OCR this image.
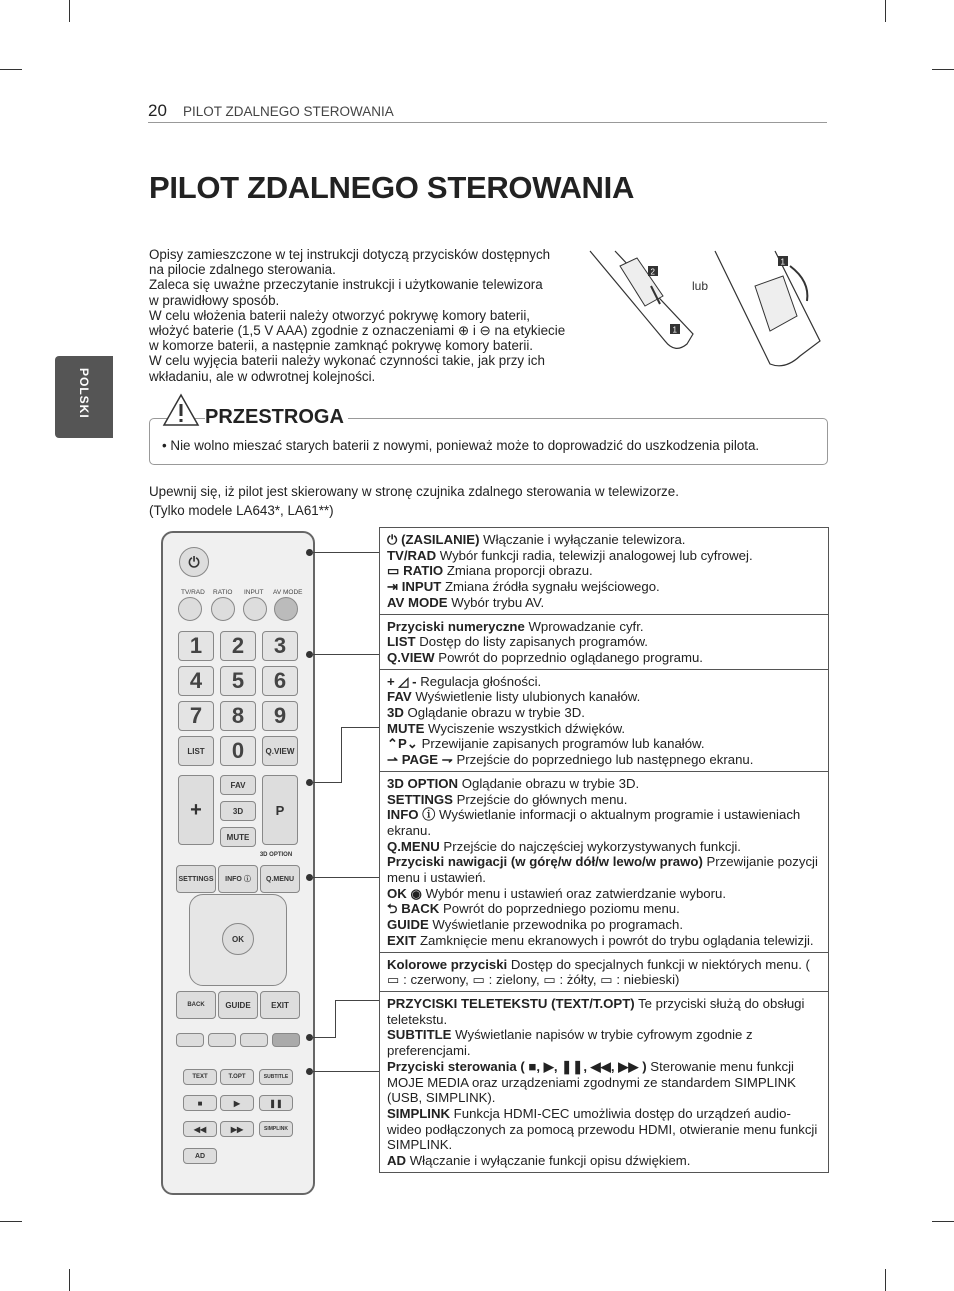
20 PILOT ZDALNEGO STEROWANIA
PILOT ZDALNEGO STEROWANIA
POLSKI
Opisy zamieszczone w tej instrukcji dotyczą przycisków dostępnych
na pilocie zdalnego sterowania.
Zaleca się uważne przeczytanie instrukcji i użytkowanie telewizora
w prawidłowy sposób.
W celu włożenia baterii należy otworzyć pokrywę komory baterii,
włożyć baterie (1,5 V AAA) zgodnie z oznaczeniami ⊕ i ⊖ na etykiecie
w komorze baterii, a następnie zamknąć pokrywę komory baterii.
W celu wyjęcia baterii należy wykonać czynności takie, jak przy ich
wkładaniu, ale w odwrotnej kolejności.
2
1
lub
1
PRZESTROGA
• Nie wolno mieszać starych baterii z nowymi, ponieważ może to doprowadzić do uszkodzenia pilota.
Upewnij się, iż pilot jest skierowany w stronę czujnika zdalnego sterowania w telewizorze.
(Tylko modele LA643*, LA61**)
⏻
TV/RAD RATIO INPUT AV MODE
1	2	3
4	5	6
7	8	9
LIST	0	Q.VIEW
+
FAV
3D
MUTE
P
3D OPTION
SETTINGS	INFO ⓘ	Q.MENU
OK
BACK	GUIDE	EXIT
TEXT	T.OPT	SUBTITLE
■	▶	❚❚
◀◀	▶▶	SIMPLINK
AD
⏻ (ZASILANIE) Włączanie i wyłączanie telewizora.
TV/RAD Wybór funkcji radia, telewizji analogowej lub cyfrowej.
▭ RATIO Zmiana proporcji obrazu.
⇥ INPUT Zmiana źródła sygnału wejściowego.
AV MODE Wybór trybu AV.
Przyciski numeryczne Wprowadzanie cyfr.
LIST Dostęp do listy zapisanych programów.
Q.VIEW Powrót do poprzednio oglądanego programu.
+ ◿ - Regulacja głośności.
FAV Wyświetlenie listy ulubionych kanałów.
3D Oglądanie obrazu w trybie 3D.
MUTE Wyciszenie wszystkich dźwięków.
⌃P⌄ Przewijanie zapisanych programów lub kanałów.
⇀ PAGE ⇁ Przejście do poprzedniego lub następnego ekranu.
3D OPTION Oglądanie obrazu w trybie 3D.
SETTINGS Przejście do głównych menu.
INFO ⓘ Wyświetlanie informacji o aktualnym programie i ustawieniach ekranu.
Q.MENU Przejście do najczęściej wykorzystywanych funkcji.
Przyciski nawigacji (w górę/w dół/w lewo/w prawo) Przewijanie pozycji menu i ustawień.
OK ◉ Wybór menu i ustawień oraz zatwierdzanie wyboru.
⮌ BACK Powrót do poprzedniego poziomu menu.
GUIDE Wyświetlanie przewodnika po programach.
EXIT Zamknięcie menu ekranowych i powrót do trybu oglądania telewizji.
Kolorowe przyciski Dostęp do specjalnych funkcji w niektórych menu. ( ▭ : czerwony, ▭ : zielony, ▭ : żółty, ▭ : niebieski)
PRZYCISKI TELETEKSTU (TEXT/T.OPT) Te przyciski służą do obsługi teletekstu.
SUBTITLE Wyświetlanie napisów w trybie cyfrowym zgodnie z preferencjami.
Przyciski sterowania ( ■, ▶, ❚❚, ◀◀, ▶▶ ) Sterowanie menu funkcji MOJE MEDIA oraz urządzeniami zgodnymi ze standardem SIMPLINK (USB, SIMPLINK).
SIMPLINK Funkcja HDMI-CEC umożliwia dostęp do urządzeń audio-wideo podłączonych za pomocą przewodu HDMI, otwieranie menu funkcji SIMPLINK.
AD Włączanie i wyłączanie funkcji opisu dźwiękiem.
